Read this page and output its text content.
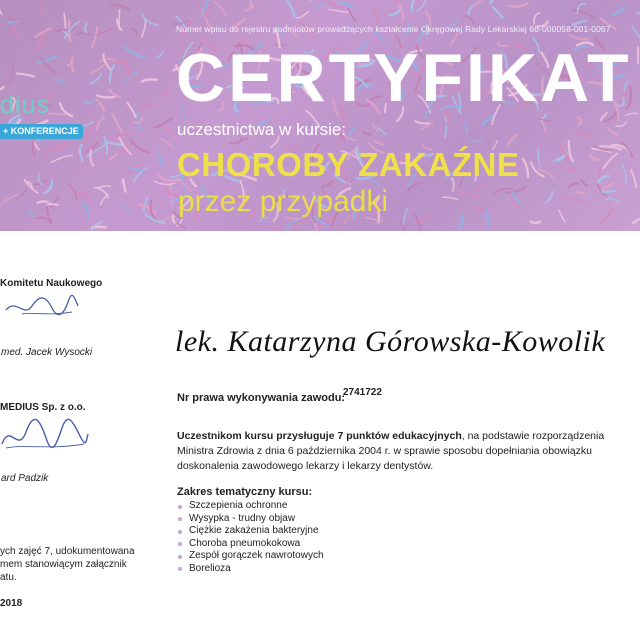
Numer wpisu do rejestru podmiotów prowadzących kształcenie Okręgowej Rady Lekarskiej 68-000058-001-0067
CERTYFIKAT
uczestnictwa w kursie:
CHOROBY ZAKAŹNE
przez przypadki
dius
+ KONFERENCJE
Komitetu Naukowego
med. Jacek Wysocki
MEDIUS Sp. z o.o.
ard Padzik
ych zajęć 7, udokumentowana
mem stanowiącym załącznik
atu.
2018
lek. Katarzyna Górowska-Kowolik
Nr prawa wykonywania zawodu:
2741722
Uczestnikom kursu przysługuje 7 punktów edukacyjnych, na podstawie rozporządzenia Ministra Zdrowia z dnia 6 października 2004 r. w sprawie sposobu dopełniania obowiązku doskonalenia zawodowego lekarzy i lekarzy dentystów.
Zakres tematyczny kursu:
Szczepienia ochronne
Wysypka - trudny objaw
Ciężkie zakażenia bakteryjne
Choroba pneumokokowa
Zespół gorączek nawrotowych
Borelioza
